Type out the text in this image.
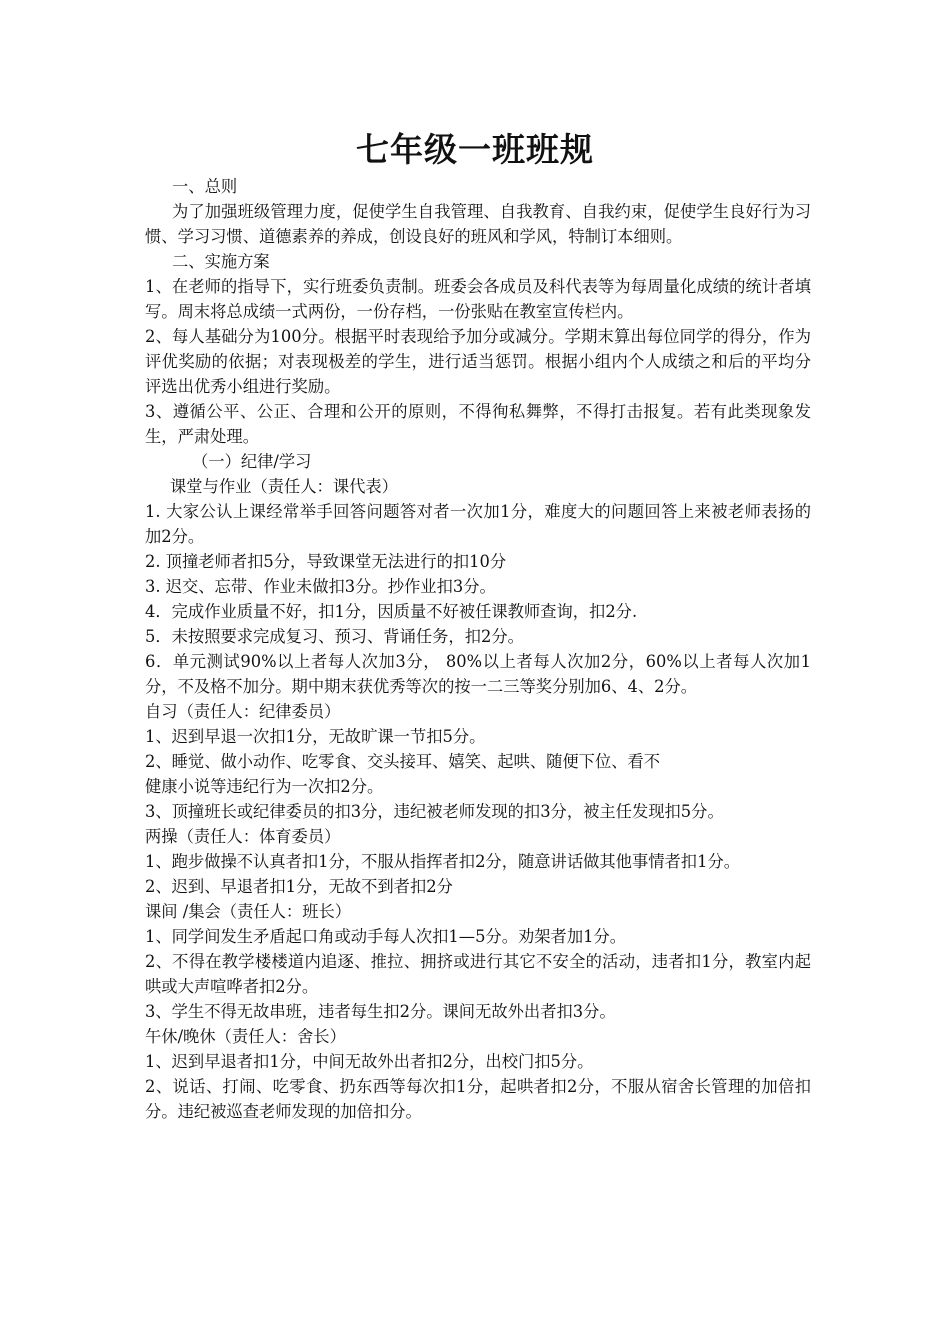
七年级一班班规

一、总则

为了加强班级管理力度，促使学生自我管理、自我教育、自我约束，促使学生良好行为习惯、学习习惯、道德素养的养成，创设良好的班风和学风，特制订本细则。

二、实施方案

1、在老师的指导下，实行班委负责制。班委会各成员及科代表等为每周量化成绩的统计者填写。周末将总成绩一式两份，一份存档，一份张贴在教室宣传栏内。

2、每人基础分为100分。根据平时表现给予加分或减分。学期末算出每位同学的得分，作为评优奖励的依据；对表现极差的学生，进行适当惩罚。根据小组内个人成绩之和后的平均分评选出优秀小组进行奖励。

3、遵循公平、公正、合理和公开的原则，不得徇私舞弊，不得打击报复。若有此类现象发生，严肃处理。

（一）纪律/学习

课堂与作业（责任人：课代表）

1. 大家公认上课经常举手回答问题答对者一次加1分，难度大的问题回答上来被老师表扬的加2分。

2. 顶撞老师者扣5分，导致课堂无法进行的扣10分

3. 迟交、忘带、作业未做扣3分。抄作业扣3分。

4．完成作业质量不好，扣1分，因质量不好被任课教师查询，扣2分.

5．未按照要求完成复习、预习、背诵任务，扣2分。

6．单元测试90%以上者每人次加3分， 80%以上者每人次加2分，60%以上者每人次加1分，不及格不加分。期中期末获优秀等次的按一二三等奖分别加6、4、2分。

自习（责任人：纪律委员）

1、迟到早退一次扣1分，无故旷课一节扣5分。

2、睡觉、做小动作、吃零食、交头接耳、嬉笑、起哄、随便下位、看不

健康小说等违纪行为一次扣2分。

3、顶撞班长或纪律委员的扣3分，违纪被老师发现的扣3分，被主任发现扣5分。

两操（责任人：体育委员）

1、跑步做操不认真者扣1分，不服从指挥者扣2分，随意讲话做其他事情者扣1分。

2、迟到、早退者扣1分，无故不到者扣2分

课间 /集会（责任人：班长）

1、同学间发生矛盾起口角或动手每人次扣1—5分。劝架者加1分。

2、不得在教学楼楼道内追逐、推拉、拥挤或进行其它不安全的活动，违者扣1分，教室内起哄或大声喧哗者扣2分。

3、学生不得无故串班，违者每生扣2分。课间无故外出者扣3分。

午休/晚休（责任人：舍长）

1、迟到早退者扣1分，中间无故外出者扣2分，出校门扣5分。

2、说话、打闹、吃零食、扔东西等每次扣1分，起哄者扣2分，不服从宿舍长管理的加倍扣分。违纪被巡查老师发现的加倍扣分。
